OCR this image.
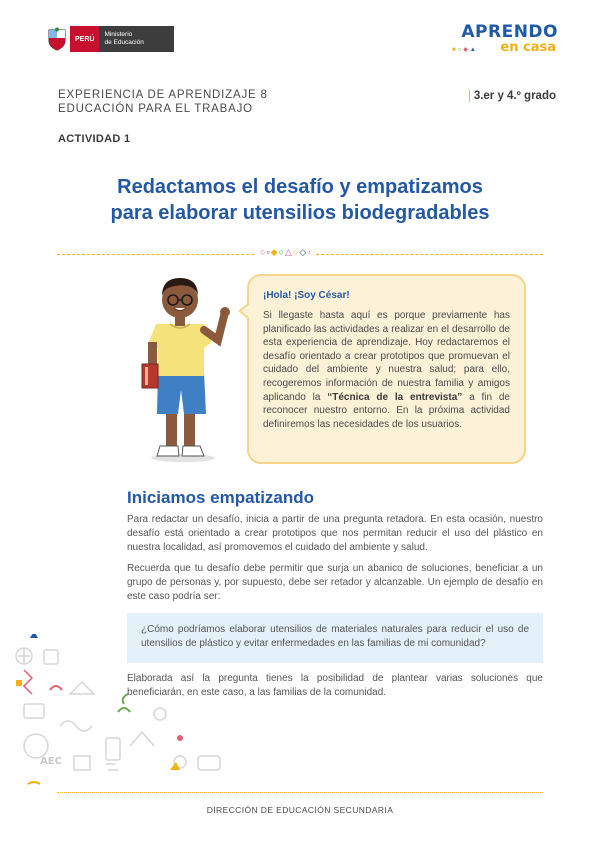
PERÚ
Ministerio
de Educación
APRENDO
■○◆▲ en casa
EXPERIENCIA DE APRENDIZAJE 8
EDUCACIÓN PARA EL TRABAJO
| 3.er y 4.º grado
ACTIVIDAD 1
Redactamos el desafío y empatizamos
para elaborar utensilios biodegradables
○▫◆○△○◇▫
¡Hola! ¡Soy César!
Si llegaste hasta aquí es porque previamente has planificado las actividades a realizar en el desarrollo de esta experiencia de aprendizaje. Hoy redactaremos el desafío orientado a crear prototipos que promuevan el cuidado del ambiente y nuestra salud; para ello, recogeremos información de nuestra familia y amigos aplicando la “Técnica de la entrevista” a fin de reconocer nuestro entorno. En la próxima actividad definiremos las necesidades de los usuarios.
Iniciamos empatizando
Para redactar un desafío, inicia a partir de una pregunta retadora. En esta ocasión, nuestro desafío está orientado a crear prototipos que nos permitan reducir el uso del plástico en nuestra localidad, así promovemos el cuidado del ambiente y salud.
Recuerda que tu desafío debe permitir que surja un abanico de soluciones, beneficiar a un grupo de personas y, por supuesto, debe ser retador y alcanzable. Un ejemplo de desafío en este caso podría ser:
¿Cómo podríamos elaborar utensilios de materiales naturales para reducir el uso de utensilios de plástico y evitar enfermedades en las familias de mi comunidad?
Elaborada así la pregunta tienes la posibilidad de plantear varias soluciones que beneficiarán, en este caso, a las familias de la comunidad.
AEC
DIRECCIÓN DE EDUCACIÓN SECUNDARIA
